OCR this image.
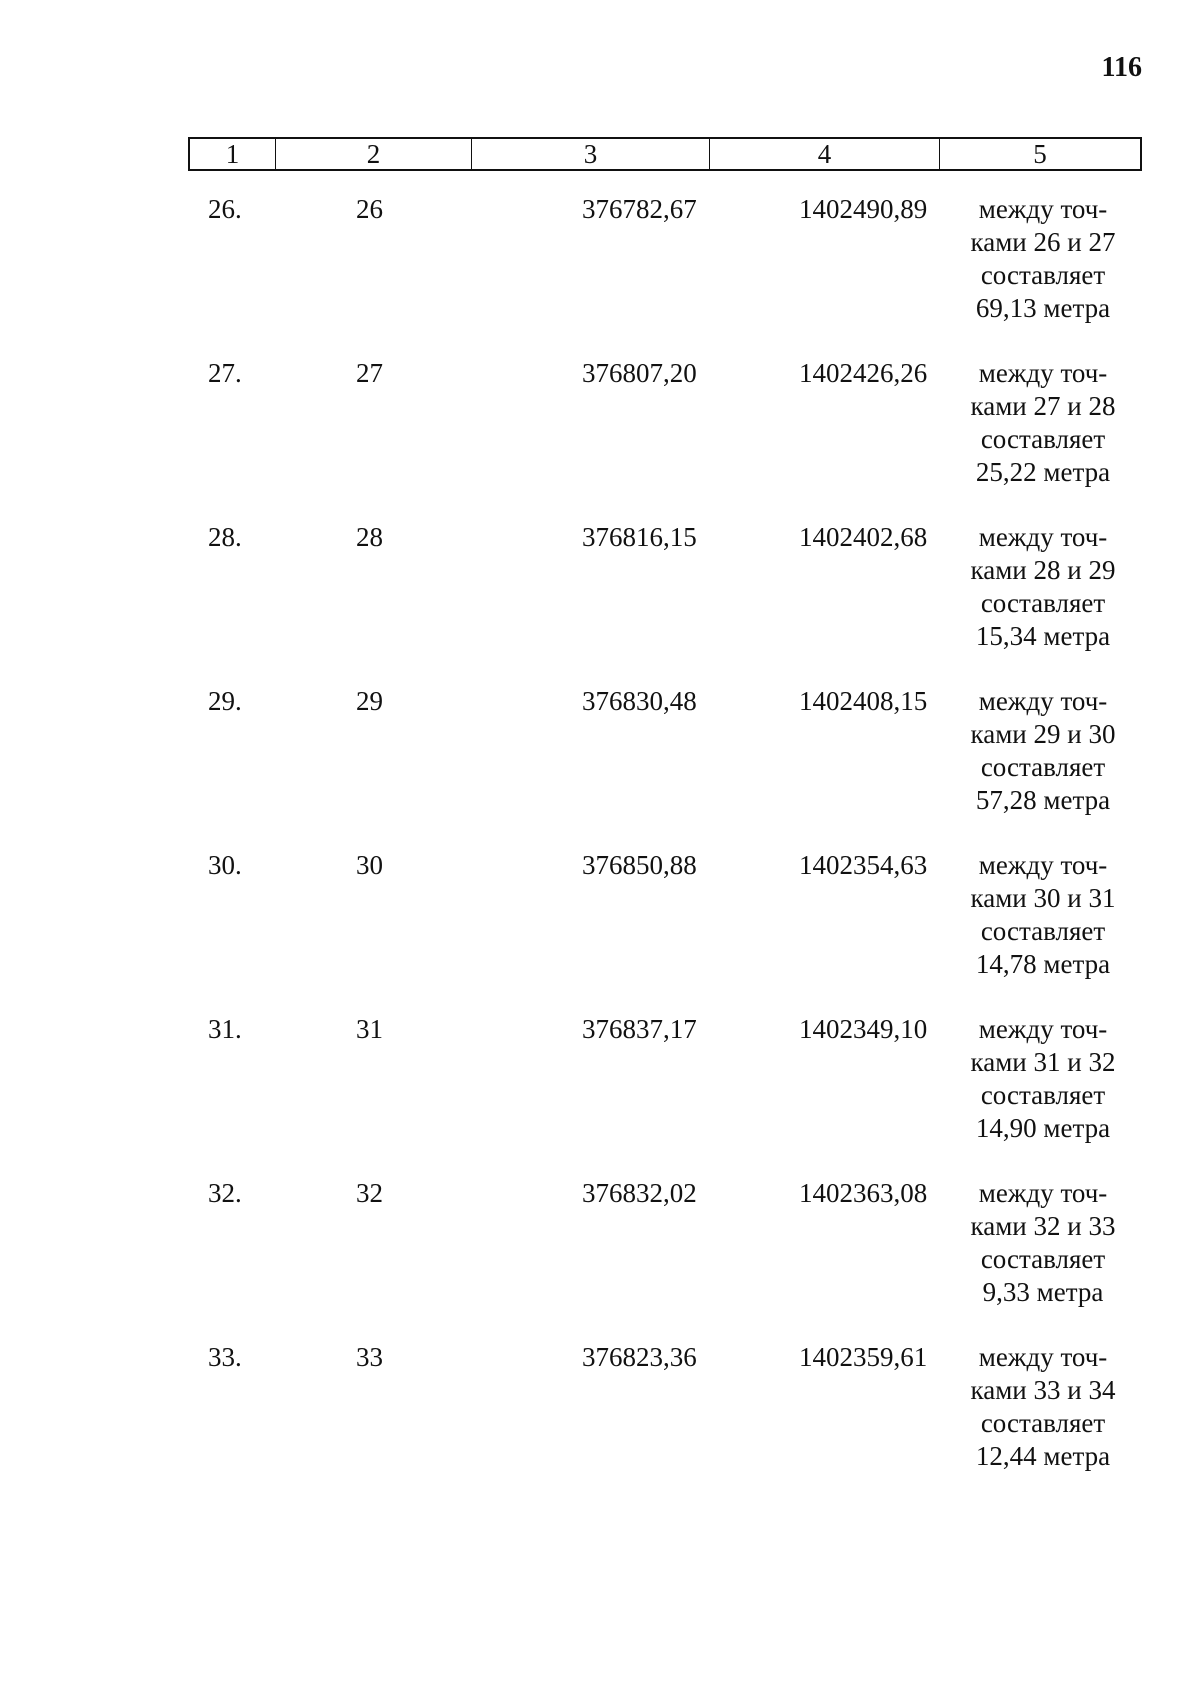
116
1	2	3	4	5
26.	26	376782,67	1402490,89	между точ-
ками 26 и 27
составляет
69,13 метра
27.	27	376807,20	1402426,26	между точ-
ками 27 и 28
составляет
25,22 метра
28.	28	376816,15	1402402,68	между точ-
ками 28 и 29
составляет
15,34 метра
29.	29	376830,48	1402408,15	между точ-
ками 29 и 30
составляет
57,28 метра
30.	30	376850,88	1402354,63	между точ-
ками 30 и 31
составляет
14,78 метра
31.	31	376837,17	1402349,10	между точ-
ками 31 и 32
составляет
14,90 метра
32.	32	376832,02	1402363,08	между точ-
ками 32 и 33
составляет
9,33 метра
33.	33	376823,36	1402359,61	между точ-
ками 33 и 34
составляет
12,44 метра
